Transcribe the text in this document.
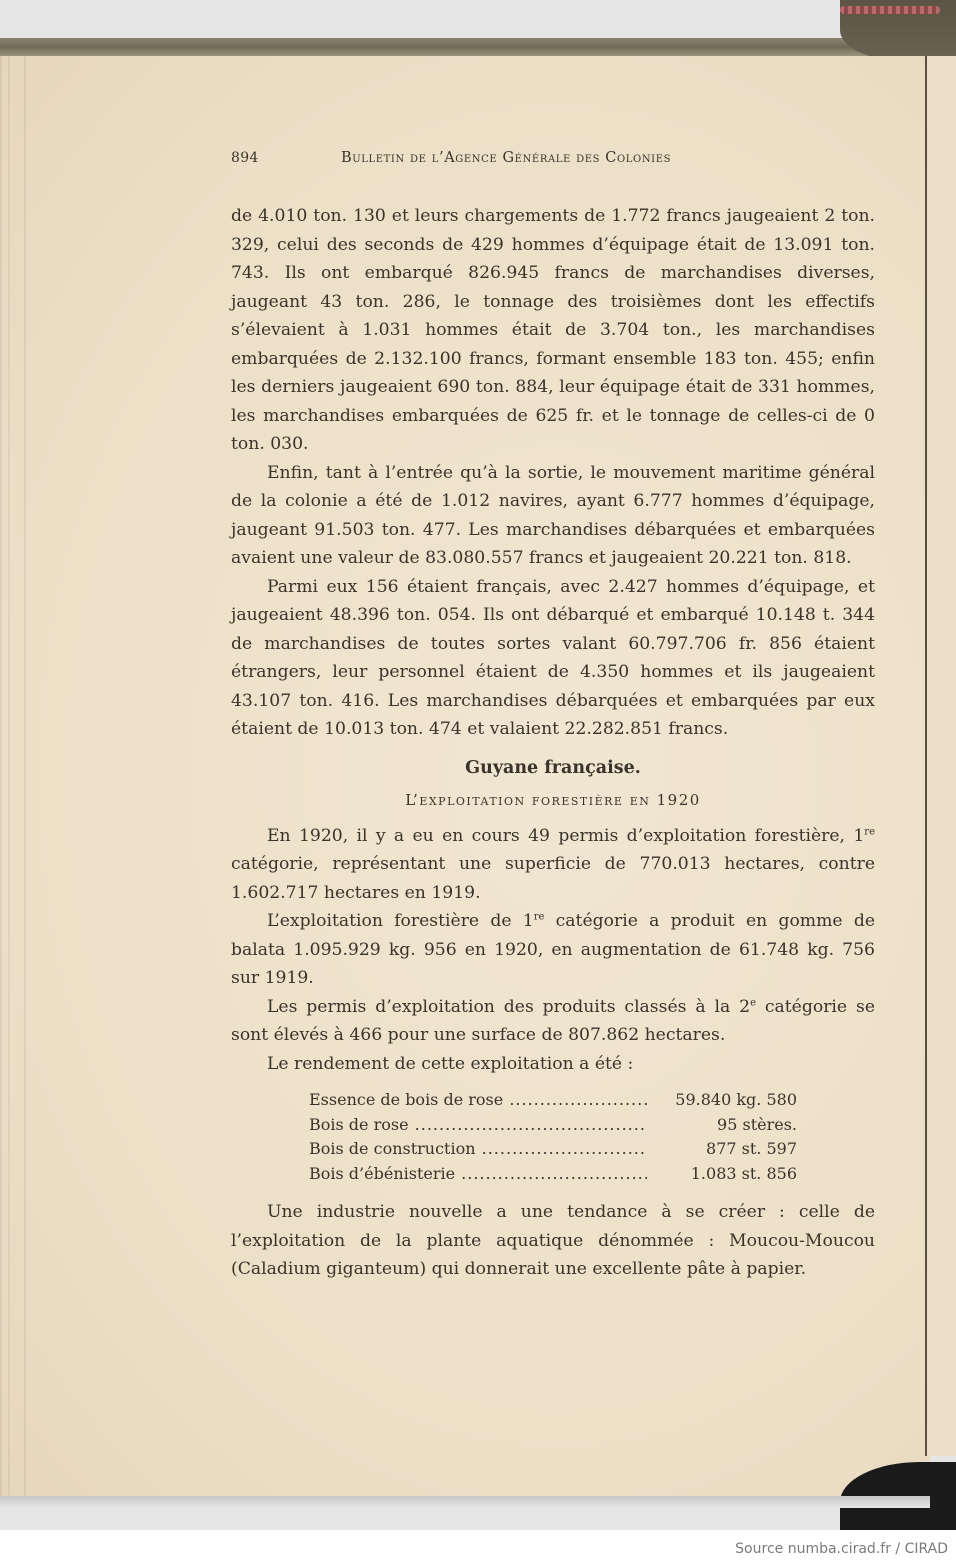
894	Bulletin de l’Agence Générale des Colonies

de 4.010 ton. 130 et leurs chargements de 1.772 francs jaugeaient 2 ton. 329, celui des seconds de 429 hommes d’équipage était de 13.091 ton. 743. Ils ont embarqué 826.945 francs de marchandises diverses, jaugeant 43 ton. 286, le tonnage des troisièmes dont les effectifs s’élevaient à 1.031 hommes était de 3.704 ton., les marchandises embarquées de 2.132.100 francs, formant ensemble 183 ton. 455; enfin les derniers jaugeaient 690 ton. 884, leur équipage était de 331 hommes, les marchandises embarquées de 625 fr. et le tonnage de celles-ci de 0 ton. 030.

Enfin, tant à l’entrée qu’à la sortie, le mouvement maritime général de la colonie a été de 1.012 navires, ayant 6.777 hommes d’équipage, jaugeant 91.503 ton. 477. Les marchandises débarquées et embarquées avaient une valeur de 83.080.557 francs et jaugeaient 20.221 ton. 818.

Parmi eux 156 étaient français, avec 2.427 hommes d’équipage, et jaugeaient 48.396 ton. 054. Ils ont débarqué et embarqué 10.148 t. 344 de marchandises de toutes sortes valant 60.797.706 fr. 856 étaient étrangers, leur personnel étaient de 4.350 hommes et ils jaugeaient 43.107 ton. 416. Les marchandises débarquées et embarquées par eux étaient de 10.013 ton. 474 et valaient 22.282.851 francs.

Guyane française.
L’exploitation forestière en 1920

En 1920, il y a eu en cours 49 permis d’exploitation forestière, 1re catégorie, représentant une superficie de 770.013 hectares, contre 1.602.717 hectares en 1919.

L’exploitation forestière de 1re catégorie a produit en gomme de balata 1.095.929 kg. 956 en 1920, en augmentation de 61.748 kg. 756 sur 1919.

Les permis d’exploitation des produits classés à la 2e catégorie se sont élevés à 466 pour une surface de 807.862 hectares.

Le rendement de cette exploitation a été :

Essence de bois de rose .....	59.840 kg. 580
Bois de rose .....	95 stères.
Bois de construction .....	877 st. 597
Bois d’ébénisterie .....	1.083 st. 856

Une industrie nouvelle a une tendance à se créer : celle de l’exploitation de la plante aquatique dénommée : Moucou-Moucou (Caladium giganteum) qui donnerait une excellente pâte à papier.

Source numba.cirad.fr / CIRAD
